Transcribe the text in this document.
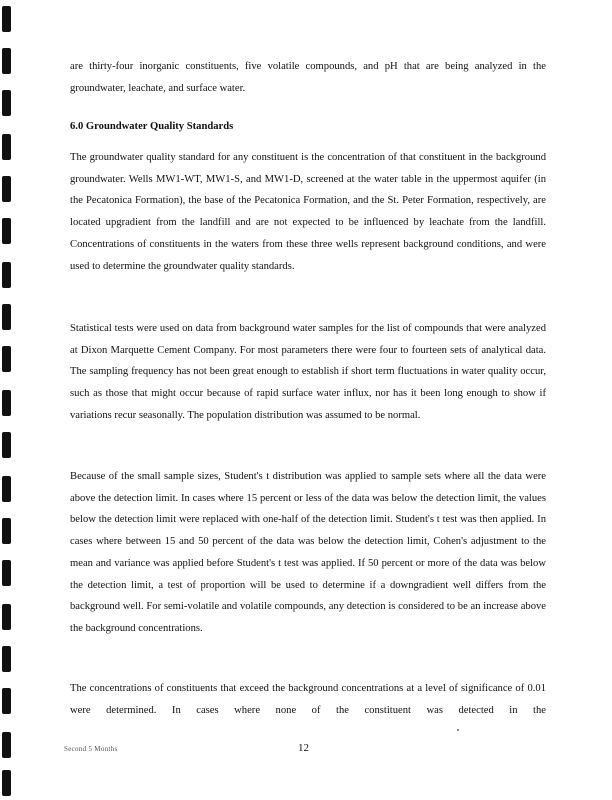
are thirty-four inorganic constituents, five volatile compounds, and pH that are being analyzed in the groundwater, leachate, and surface water.
6.0 Groundwater Quality Standards
The groundwater quality standard for any constituent is the concentration of that constituent in the background groundwater. Wells MW1-WT, MW1-S, and MW1-D, screened at the water table in the uppermost aquifer (in the Pecatonica Formation), the base of the Pecatonica Formation, and the St. Peter Formation, respectively, are located upgradient from the landfill and are not expected to be influenced by leachate from the landfill. Concentrations of constituents in the waters from these three wells represent background conditions, and were used to determine the groundwater quality standards.
Statistical tests were used on data from background water samples for the list of compounds that were analyzed at Dixon Marquette Cement Company. For most parameters there were four to fourteen sets of analytical data. The sampling frequency has not been great enough to establish if short term fluctuations in water quality occur, such as those that might occur because of rapid surface water influx, nor has it been long enough to show if variations recur seasonally. The population distribution was assumed to be normal.
Because of the small sample sizes, Student's t distribution was applied to sample sets where all the data were above the detection limit. In cases where 15 percent or less of the data was below the detection limit, the values below the detection limit were replaced with one-half of the detection limit. Student's t test was then applied. In cases where between 15 and 50 percent of the data was below the detection limit, Cohen's adjustment to the mean and variance was applied before Student's t test was applied. If 50 percent or more of the data was below the detection limit, a test of proportion will be used to determine if a downgradient well differs from the background well. For semi-volatile and volatile compounds, any detection is considered to be an increase above the background concentrations.
The concentrations of constituents that exceed the background concentrations at a level of significance of 0.01 were determined. In cases where none of the constituent was detected in the
Second 5 Months	12
